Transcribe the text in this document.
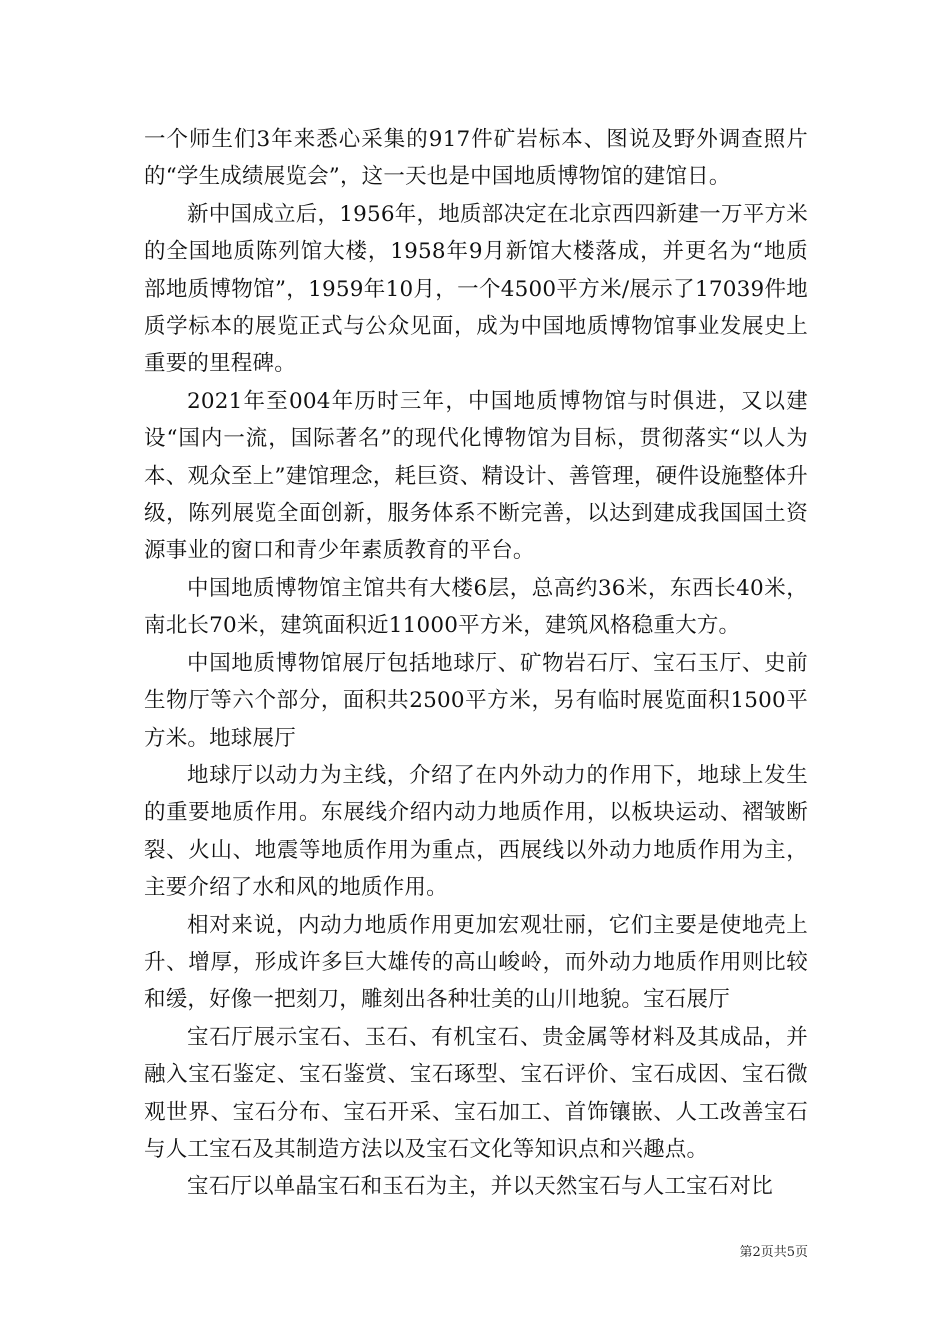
一个师生们3年来悉心采集的917件矿岩标本、图说及野外调查照片的“学生成绩展览会”，这一天也是中国地质博物馆的建馆日。

新中国成立后，1956年，地质部决定在北京西四新建一万平方米的全国地质陈列馆大楼，1958年9月新馆大楼落成，并更名为“地质部地质博物馆”，1959年10月，一个4500平方米/展示了17039件地质学标本的展览正式与公众见面，成为中国地质博物馆事业发展史上重要的里程碑。

2021年至004年历时三年，中国地质博物馆与时俱进，又以建设“国内一流，国际著名”的现代化博物馆为目标，贯彻落实“以人为本、观众至上”建馆理念，耗巨资、精设计、善管理，硬件设施整体升级，陈列展览全面创新，服务体系不断完善，以达到建成我国国土资源事业的窗口和青少年素质教育的平台。

中国地质博物馆主馆共有大楼6层，总高约36米，东西长40米，南北长70米，建筑面积近11000平方米，建筑风格稳重大方。

中国地质博物馆展厅包括地球厅、矿物岩石厅、宝石玉厅、史前生物厅等六个部分，面积共2500平方米，另有临时展览面积1500平方米。地球展厅

地球厅以动力为主线，介绍了在内外动力的作用下，地球上发生的重要地质作用。东展线介绍内动力地质作用，以板块运动、褶皱断裂、火山、地震等地质作用为重点，西展线以外动力地质作用为主，主要介绍了水和风的地质作用。

相对来说，内动力地质作用更加宏观壮丽，它们主要是使地壳上升、增厚，形成许多巨大雄传的高山峻岭，而外动力地质作用则比较和缓，好像一把刻刀，雕刻出各种壮美的山川地貌。宝石展厅

宝石厅展示宝石、玉石、有机宝石、贵金属等材料及其成品，并融入宝石鉴定、宝石鉴赏、宝石琢型、宝石评价、宝石成因、宝石微观世界、宝石分布、宝石开采、宝石加工、首饰镶嵌、人工改善宝石与人工宝石及其制造方法以及宝石文化等知识点和兴趣点。

宝石厅以单晶宝石和玉石为主，并以天然宝石与人工宝石对比

第2页共5页
